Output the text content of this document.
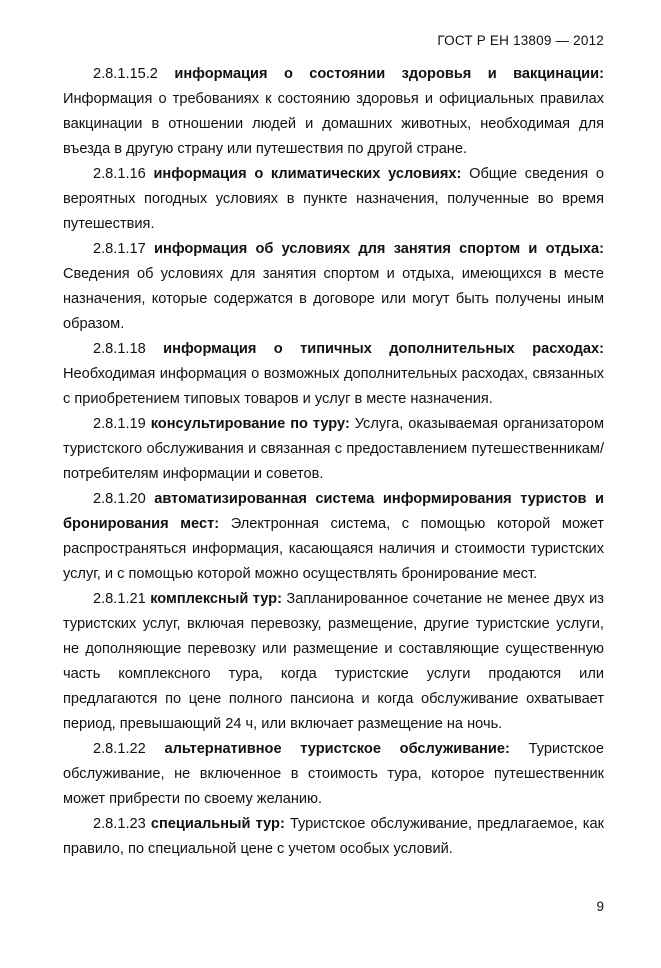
ГОСТ Р ЕН 13809 — 2012

2.8.1.15.2 информация о состоянии здоровья и вакцинации: Информация о требованиях к состоянию здоровья и официальных правилах вакцинации в отношении людей и домашних животных, необходимая для въезда в другую страну или путешествия по другой стране.

2.8.1.16 информация о климатических условиях: Общие сведения о вероятных погодных условиях в пункте назначения, полученные во время путешествия.

2.8.1.17 информация об условиях для занятия спортом и отдыха: Сведения об условиях для занятия спортом и отдыха, имеющихся в месте назначения, которые содержатся в договоре или могут быть получены иным образом.

2.8.1.18 информация о типичных дополнительных расходах: Необходимая информация о возможных дополнительных расходах, связанных с приобретением типовых товаров и услуг в месте назначения.

2.8.1.19 консультирование по туру: Услуга, оказываемая организатором туристского обслуживания и связанная с предоставлением путешественникам/потребителям информации и советов.

2.8.1.20 автоматизированная система информирования туристов и бронирования мест: Электронная система, с помощью которой может распространяться информация, касающаяся наличия и стоимости туристских услуг, и с помощью которой можно осуществлять бронирование мест.

2.8.1.21 комплексный тур: Запланированное сочетание не менее двух из туристских услуг, включая перевозку, размещение, другие туристские услуги, не дополняющие перевозку или размещение и составляющие существенную часть комплексного тура, когда туристские услуги продаются или предлагаются по цене полного пансиона и когда обслуживание охватывает период, превышающий 24 ч, или включает размещение на ночь.

2.8.1.22 альтернативное туристское обслуживание: Туристское обслуживание, не включенное в стоимость тура, которое путешественник может прибрести по своему желанию.

2.8.1.23 специальный тур: Туристское обслуживание, предлагаемое, как правило, по специальной цене с учетом особых условий.

9
